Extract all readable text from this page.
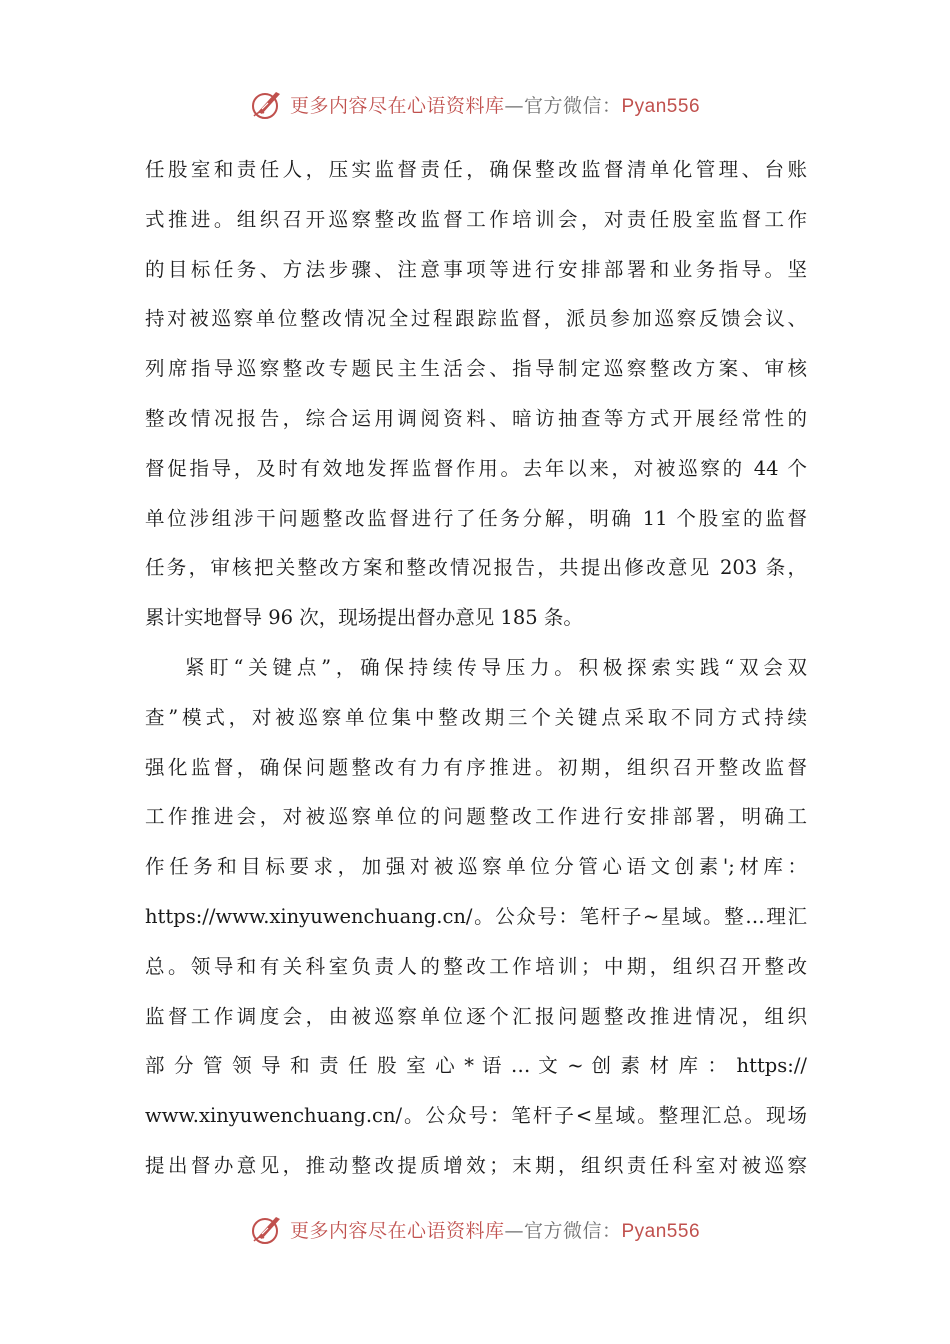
更多内容尽在心语资料库—官方微信：Pyan556
任股室和责任人，压实监督责任，确保整改监督清单化管理、台账
式推进。组织召开巡察整改监督工作培训会，对责任股室监督工作
的目标任务、方法步骤、注意事项等进行安排部署和业务指导。坚
持对被巡察单位整改情况全过程跟踪监督，派员参加巡察反馈会议、
列席指导巡察整改专题民主生活会、指导制定巡察整改方案、审核
整改情况报告，综合运用调阅资料、暗访抽查等方式开展经常性的
督促指导，及时有效地发挥监督作用。去年以来，对被巡察的 44 个
单位涉组涉干问题整改监督进行了任务分解，明确 11 个股室的监督
任务，审核把关整改方案和整改情况报告，共提出修改意见 203 条，
累计实地督导 96 次，现场提出督办意见 185 条。
紧盯“关键点”，确保持续传导压力。积极探索实践“双会双
查”模式，对被巡察单位集中整改期三个关键点采取不同方式持续
强化监督，确保问题整改有力有序推进。初期，组织召开整改监督
工作推进会，对被巡察单位的问题整改工作进行安排部署，明确工
作任务和目标要求，加强对被巡察单位分管心语文创素';材库：
https://www.xinyuwenchuang.cn/。公众号：笔杆子~星域。整…理汇
总。领导和有关科室负责人的整改工作培训；中期，组织召开整改
监督工作调度会，由被巡察单位逐个汇报问题整改推进情况，组织
部 分 管 领 导 和 责 任 股 室 心 * 语 … 文 ~ 创 素 材 库 ： https://
www.xinyuwenchuang.cn/。公众号：笔杆子<星域。整理汇总。现场
提出督办意见，推动整改提质增效；末期，组织责任科室对被巡察
更多内容尽在心语资料库—官方微信：Pyan556
